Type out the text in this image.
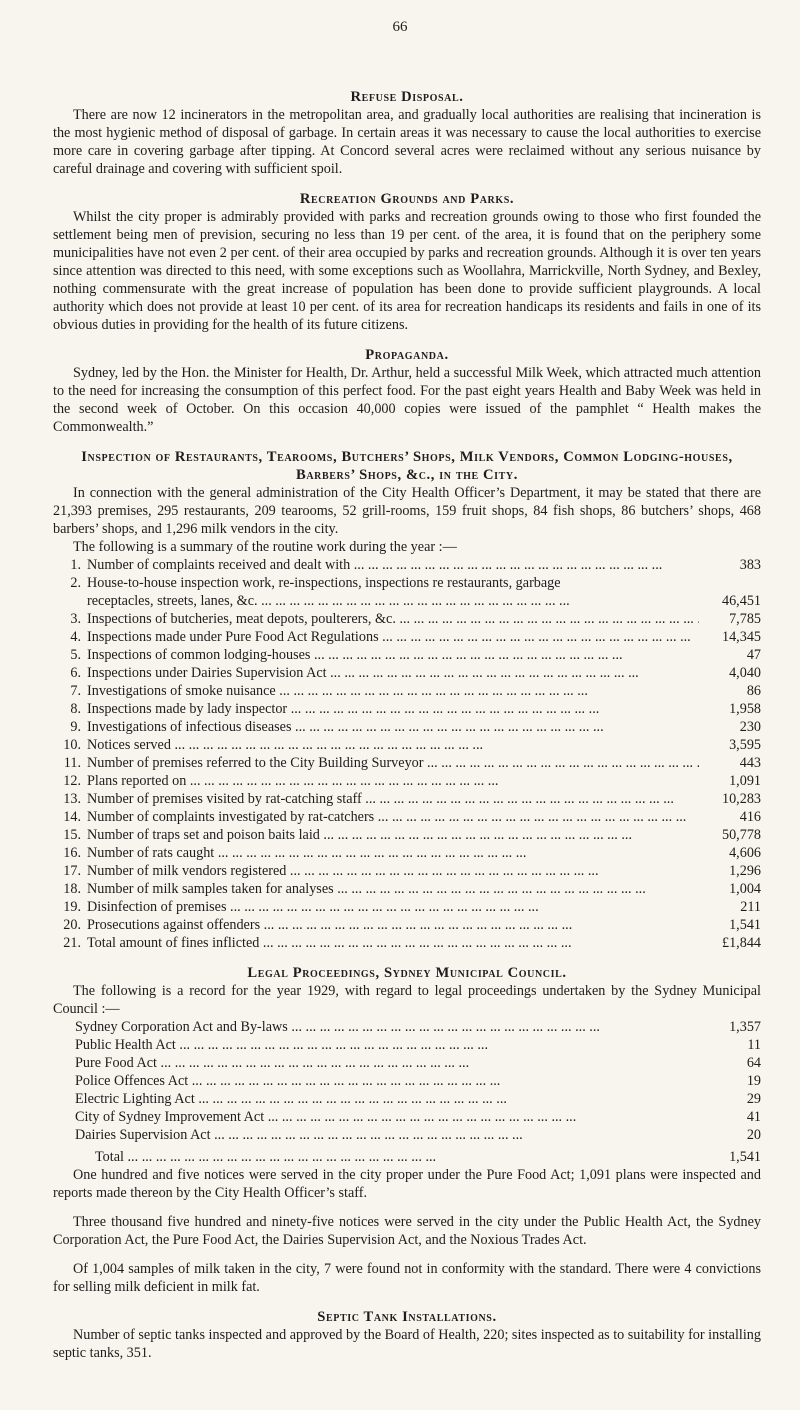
66
Refuse Disposal.

There are now 12 incinerators in the metropolitan area, and gradually local authorities are realising that incineration is the most hygienic method of disposal of garbage. In certain areas it was necessary to cause the local authorities to exercise more care in covering garbage after tipping. At Concord several acres were reclaimed without any serious nuisance by careful drainage and covering with sufficient spoil.

Recreation Grounds and Parks.

Whilst the city proper is admirably provided with parks and recreation grounds owing to those who first founded the settlement being men of prevision, securing no less than 19 per cent. of the area, it is found that on the periphery some municipalities have not even 2 per cent. of their area occupied by parks and recreation grounds. Although it is over ten years since attention was directed to this need, with some exceptions such as Woollahra, Marrickville, North Sydney, and Bexley, nothing commensurate with the great increase of population has been done to provide sufficient playgrounds. A local authority which does not provide at least 10 per cent. of its area for recreation handicaps its residents and fails in one of its obvious duties in providing for the health of its future citizens.

Propaganda.

Sydney, led by the Hon. the Minister for Health, Dr. Arthur, held a successful Milk Week, which attracted much attention to the need for increasing the consumption of this perfect food. For the past eight years Health and Baby Week was held in the second week of October. On this occasion 40,000 copies were issued of the pamphlet “ Health makes the Commonwealth.”

Inspection of Restaurants, Tearooms, Butchers’ Shops, Milk Vendors, Common Lodging-houses, Barbers’ Shops, &c., in the City.

In connection with the general administration of the City Health Officer’s Department, it may be stated that there are 21,393 premises, 295 restaurants, 209 tearooms, 52 grill-rooms, 159 fruit shops, 84 fish shops, 86 butchers’ shops, 468 barbers’ shops, and 1,296 milk vendors in the city.

The following is a summary of the routine work during the year :—

1. Number of complaints received and dealt with ... .	383
2. House-to-house inspection work, re-inspections, inspections re restaurants, garbage
receptacles, streets, lanes, &c. ... .	46,451
3. Inspections of butcheries, meat depots, poulterers, &c. ... .	7,785
4. Inspections made under Pure Food Act Regulations ... .	14,345
5. Inspections of common lodging-houses ... .	47
6. Inspections under Dairies Supervision Act ... .	4,040
7. Investigations of smoke nuisance ... .	86
8. Inspections made by lady inspector ... .	1,958
9. Investigations of infectious diseases ... .	230
10. Notices served ... .	3,595
11. Number of premises referred to the City Building Surveyor ... .	443
12. Plans reported on ... .	1,091
13. Number of premises visited by rat-catching staff ... .	10,283
14. Number of complaints investigated by rat-catchers ... .	416
15. Number of traps set and poison baits laid ... .	50,778
16. Number of rats caught ... .	4,606
17. Number of milk vendors registered ... .	1,296
18. Number of milk samples taken for analyses ... .	1,004
19. Disinfection of premises ... .	211
20. Prosecutions against offenders ... .	1,541
21. Total amount of fines inflicted ... .	£1,844
Legal Proceedings, Sydney Municipal Council.

The following is a record for the year 1929, with regard to legal proceedings undertaken by the Sydney Municipal Council :—

Sydney Corporation Act and By-laws ... .	1,357
Public Health Act ... .	11
Pure Food Act ... .	64
Police Offences Act ... .	19
Electric Lighting Act ... .	29
City of Sydney Improvement Act ... .	41
Dairies Supervision Act ... .	20
Total ... .	1,541

One hundred and five notices were served in the city proper under the Pure Food Act; 1,091 plans were inspected and reports made thereon by the City Health Officer’s staff.

Three thousand five hundred and ninety-five notices were served in the city under the Public Health Act, the Sydney Corporation Act, the Pure Food Act, the Dairies Supervision Act, and the Noxious Trades Act.

Of 1,004 samples of milk taken in the city, 7 were found not in conformity with the standard. There were 4 convictions for selling milk deficient in milk fat.

Septic Tank Installations.

Number of septic tanks inspected and approved by the Board of Health, 220; sites inspected as to suitability for installing septic tanks, 351.
